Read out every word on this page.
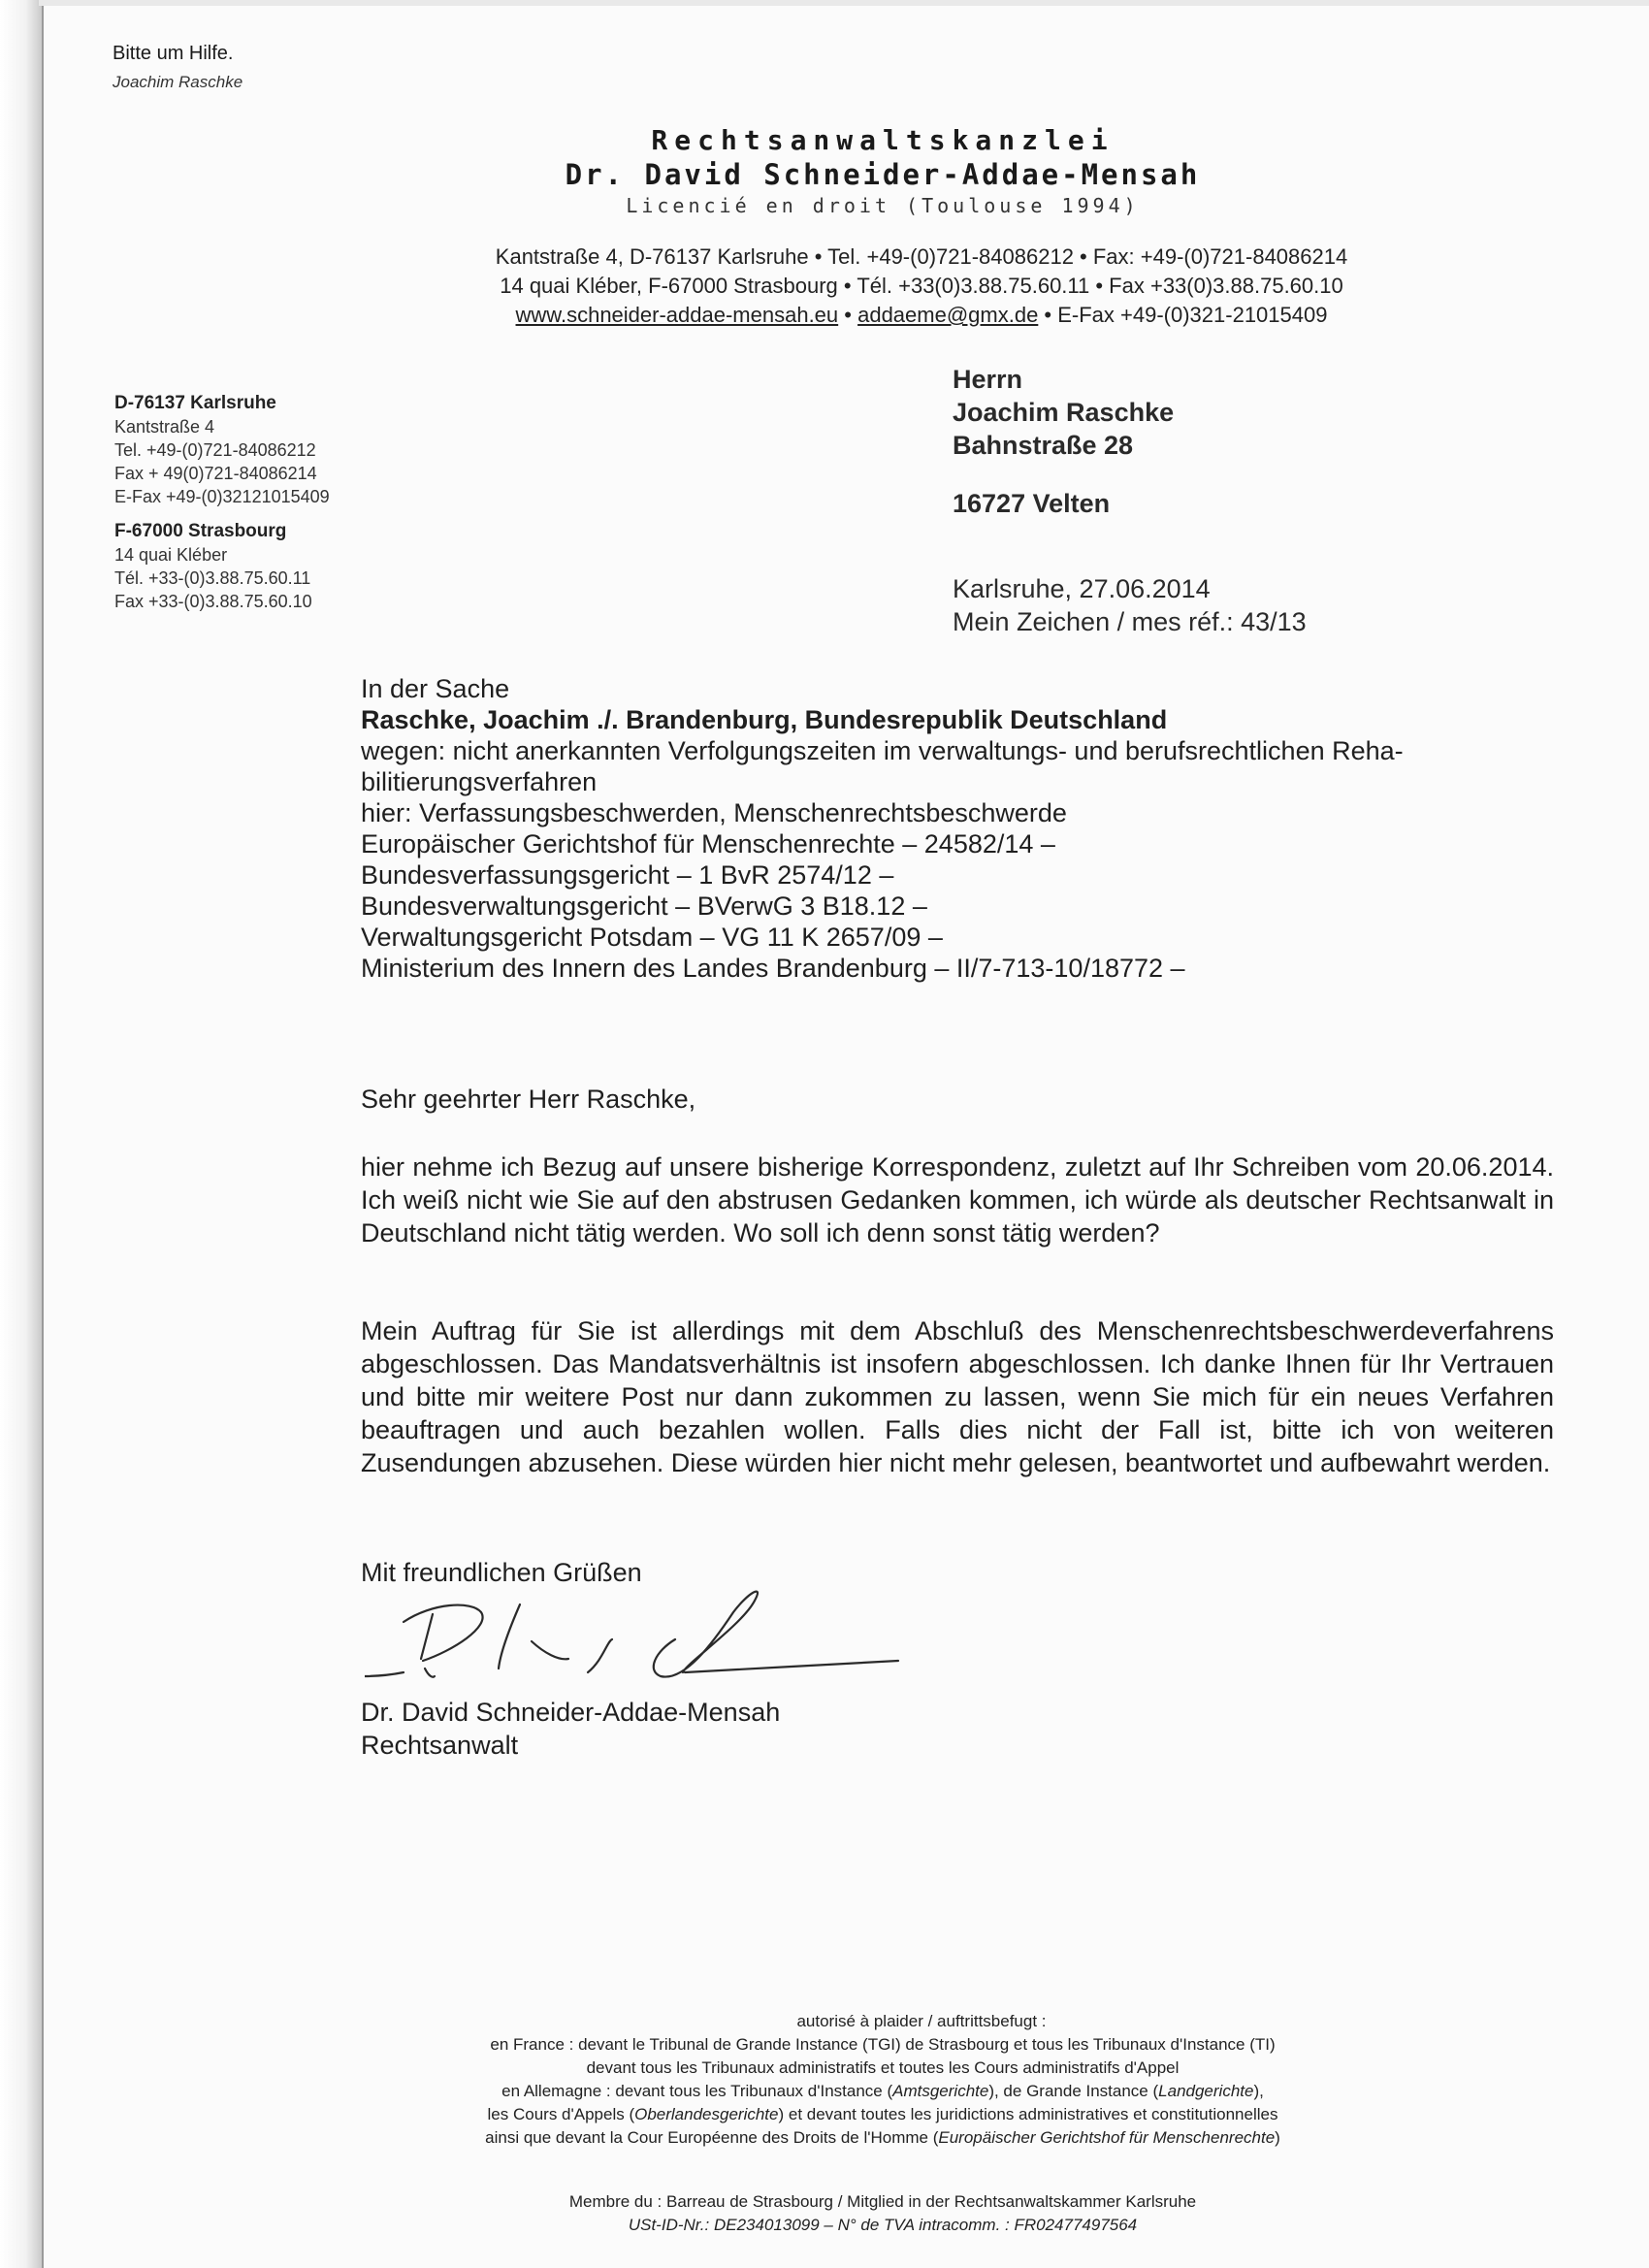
Bitte um Hilfe.
Joachim Raschke
Rechtsanwaltskanzlei
Dr. David Schneider-Addae-Mensah
Licencié en droit (Toulouse 1994)
Kantstraße 4, D-76137 Karlsruhe • Tel. +49-(0)721-84086212 • Fax: +49-(0)721-84086214
14 quai Kléber, F-67000 Strasbourg • Tél. +33(0)3.88.75.60.11 • Fax +33(0)3.88.75.60.10
www.schneider-addae-mensah.eu • addaeme@gmx.de • E-Fax +49-(0)321-21015409
D-76137 Karlsruhe
Kantstraße 4
Tel. +49-(0)721-84086212
Fax + 49(0)721-84086214
E-Fax +49-(0)32121015409
F-67000 Strasbourg
14 quai Kléber
Tél. +33-(0)3.88.75.60.11
Fax +33-(0)3.88.75.60.10
Herrn
Joachim Raschke
Bahnstraße 28
16727 Velten
Karlsruhe, 27.06.2014
Mein Zeichen / mes réf.: 43/13
In der Sache
Raschke, Joachim ./. Brandenburg, Bundesrepublik Deutschland
wegen: nicht anerkannten Verfolgungszeiten im verwaltungs- und berufsrechtlichen Reha-
bilitierungsverfahren
hier: Verfassungsbeschwerden, Menschenrechtsbeschwerde
Europäischer Gerichtshof für Menschenrechte – 24582/14 –
Bundesverfassungsgericht – 1 BvR 2574/12 –
Bundesverwaltungsgericht – BVerwG 3 B18.12 –
Verwaltungsgericht Potsdam – VG 11 K 2657/09 –
Ministerium des Innern des Landes Brandenburg – II/7-713-10/18772 –
Sehr geehrter Herr Raschke,

hier nehme ich Bezug auf unsere bisherige Korrespondenz, zuletzt auf Ihr Schreiben vom 20.06.2014. Ich weiß nicht wie Sie auf den abstrusen Gedanken kommen, ich würde als deutscher Rechtsanwalt in Deutschland nicht tätig werden. Wo soll ich denn sonst tätig werden?

Mein Auftrag für Sie ist allerdings mit dem Abschluß des Menschenrechtsbeschwerdeverfahrens abgeschlossen. Das Mandatsverhältnis ist insofern abgeschlossen. Ich danke Ihnen für Ihr Vertrauen und bitte mir weitere Post nur dann zukommen zu lassen, wenn Sie mich für ein neues Verfahren beauftragen und auch bezahlen wollen. Falls dies nicht der Fall ist, bitte ich von weiteren Zusendungen abzusehen. Diese würden hier nicht mehr gelesen, beantwortet und aufbewahrt werden.

Mit freundlichen Grüßen
Dr. David Schneider-Addae-Mensah
Rechtsanwalt
autorisé à plaider / auftrittsbefugt :
en France : devant le Tribunal de Grande Instance (TGI) de Strasbourg et tous les Tribunaux d'Instance (TI)
devant tous les Tribunaux administratifs et toutes les Cours administratifs d'Appel
en Allemagne : devant tous les Tribunaux d'Instance (Amtsgerichte), de Grande Instance (Landgerichte),
les Cours d'Appels (Oberlandesgerichte) et devant toutes les juridictions administratives et constitutionnelles
ainsi que devant la Cour Européenne des Droits de l'Homme (Europäischer Gerichtshof für Menschenrechte)
Membre du : Barreau de Strasbourg / Mitglied in der Rechtsanwaltskammer Karlsruhe
USt-ID-Nr.: DE234013099 – N° de TVA intracomm. : FR02477497564
